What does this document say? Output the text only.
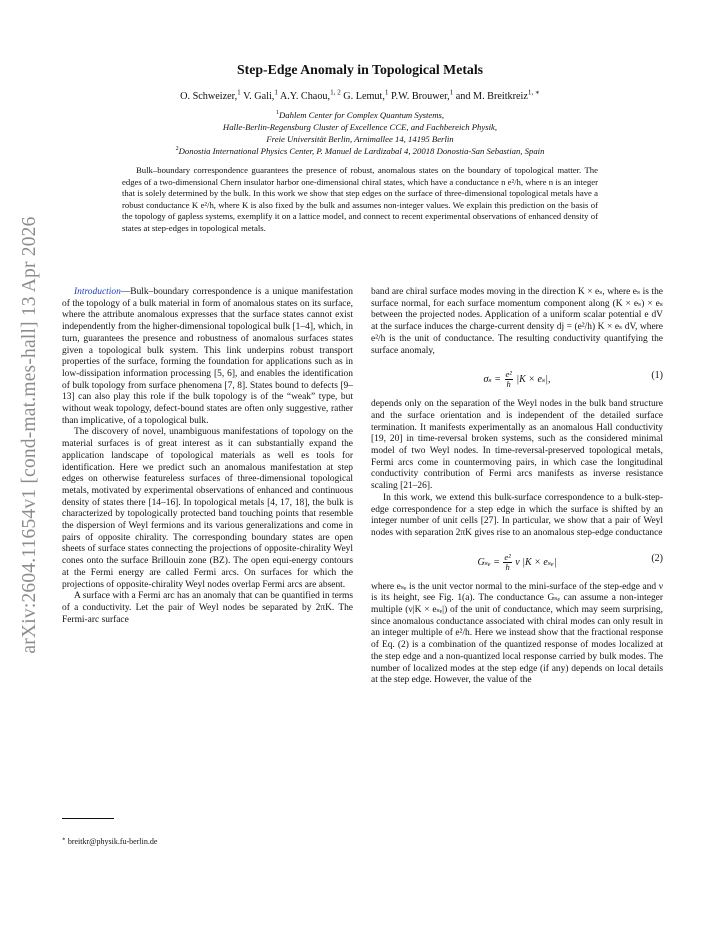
arXiv:2604.11654v1 [cond-mat.mes-hall] 13 Apr 2026
Step-Edge Anomaly in Topological Metals
O. Schweizer,$^1$ V. Gali,$^1$ A.Y. Chaou,$^{1, 2}$ G. Lemut,$^1$ P.W. Brouwer,$^1$ and M. Breitkreiz$^{1, ∗}$
$^1$Dahlem Center for Complex Quantum Systems,
Halle-Berlin-Regensburg Cluster of Excellence CCE, and Fachbereich Physik,
Freie Universität Berlin, Arnimallee 14, 14195 Berlin
$^2$Donostia International Physics Center, P. Manuel de Lardizabal 4, 20018 Donostia-San Sebastian, Spain
Bulk–boundary correspondence guarantees the presence of robust, anomalous states on the boundary of topological matter. The edges of a two-dimensional Chern insulator harbor one-dimensional chiral states, which have a conductance n e²/h, where n is an integer that is solely determined by the bulk. In this work we show that step edges on the surface of three-dimensional topological metals have a robust conductance K e²/h, where K is also fixed by the bulk and assumes non-integer values. We explain this prediction on the basis of the topology of gapless systems, exemplify it on a lattice model, and connect to recent experimental observations of enhanced density of states at step-edges in topological metals.

Introduction—Bulk–boundary correspondence is a unique manifestation of the topology of a bulk material in form of anomalous states on its surface, where the attribute anomalous expresses that the surface states cannot exist independently from the higher-dimensional topological bulk [1–4], which, in turn, guarantees the presence and robustness of anomalous surfaces states given a topological bulk system. This link underpins robust transport properties of the surface, forming the foundation for applications such as in low-dissipation information processing [5, 6], and enables the identification of bulk topology from surface phenomena [7, 8]. States bound to defects [9–13] can also play this role if the bulk topology is of the “weak” type, but without weak topology, defect-bound states are often only suggestive, rather than implicative, of a topological bulk.

The discovery of novel, unambiguous manifestations of topology on the material surfaces is of great interest as it can substantially expand the application landscape of topological materials as well es tools for identification. Here we predict such an anomalous manifestation at step edges on otherwise featureless surfaces of three-dimensional topological metals, motivated by experimental observations of enhanced and continuous density of states there [14–16]. In topological metals [4, 17, 18], the bulk is characterized by topologically protected band touching points that resemble the dispersion of Weyl fermions and its various generalizations and come in pairs of opposite chirality. The corresponding boundary states are open sheets of surface states connecting the projections of opposite-chirality Weyl cones onto the surface Brillouin zone (BZ). The open equi-energy contours at the Fermi energy are called Fermi arcs. On surfaces for which the projections of opposite-chirality Weyl nodes overlap Fermi arcs are absent.

A surface with a Fermi arc has an anomaly that can be quantified in terms of a conductivity. Let the pair of Weyl nodes be separated by 2πK. The Fermi-arc surface

band are chiral surface modes moving in the direction K × eₛ, where eₛ is the surface normal, for each surface momentum component along (K × eₛ) × eₛ between the projected nodes. Application of a uniform scalar potential e dV at the surface induces the charge-current density dj = (e²/h) K × eₛ dV, where e²/h is the unit of conductance. The resulting conductivity quantifying the surface anomaly,

$\sigma_s = \frac{\text{e²}}{h} |K \times e_s|$,	(1)

depends only on the separation of the Weyl nodes in the bulk band structure and the surface orientation and is independent of the detailed surface termination. It manifests experimentally as an anomalous Hall conductivity [19, 20] in time-reversal broken systems, such as the considered minimal model of two Weyl nodes. In time-reversal-preserved topological metals, Fermi arcs come in countermoving pairs, in which case the longitudinal conductivity contribution of Fermi arcs manifests as inverse resistance scaling [21–26].

In this work, we extend this bulk-surface correspondence to a bulk-step-edge correspondence for a step edge in which the surface is shifted by an integer number of unit cells [27]. In particular, we show that a pair of Weyl nodes with separation 2πK gives rise to an anomalous step-edge conductance

$G_{se} = \frac{\text{e²}}{h}$ ν |K × eₛₑ|	(2)

where eₛₑ is the unit vector normal to the mini-surface of the step-edge and ν is its height, see Fig. 1(a). The conductance Gₛₑ can assume a non-integer multiple (ν|K × eₛₑ|) of the unit of conductance, which may seem surprising, since anomalous conductance associated with chiral modes can only result in an integer multiple of e²/h. Here we instead show that the fractional response of Eq. (2) is a combination of the quantized response of modes localized at the step edge and a non-quantized local response carried by bulk modes. The number of localized modes at the step edge (if any) depends on local details at the step edge. However, the value of the

∗ breitkr@physik.fu-berlin.de
